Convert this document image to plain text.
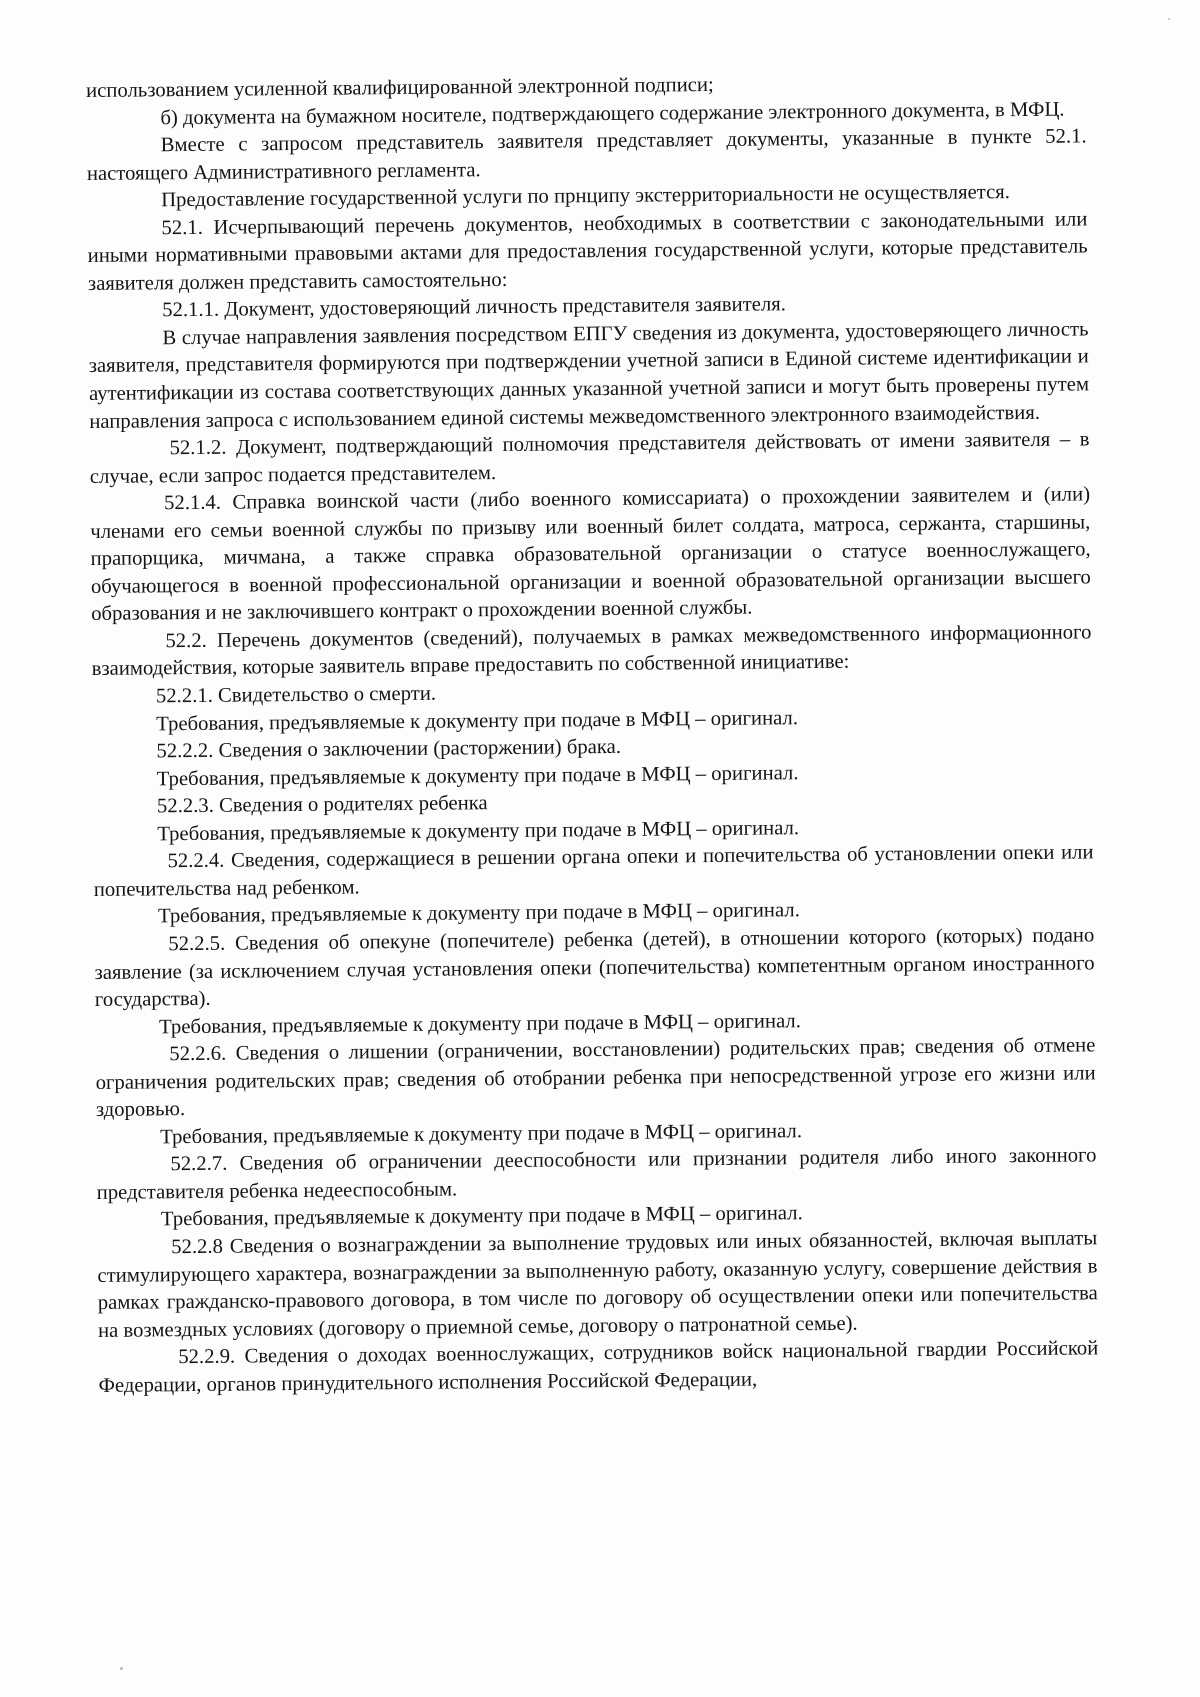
использованием усиленной квалифицированной электронной подписи;

б) документа на бумажном носителе, подтверждающего содержание электронного документа, в МФЦ.

Вместе с запросом представитель заявителя представляет документы, указанные в пункте 52.1. настоящего Административного регламента.

Предоставление государственной услуги по прнципу экстерриториальности не осуществляется.

52.1. Исчерпывающий перечень документов, необходимых в соответствии с законодательными или иными нормативными правовыми актами для предоставления государственной услуги, которые представитель заявителя должен представить самостоятельно:

52.1.1. Документ, удостоверяющий личность представителя заявителя.

В случае направления заявления посредством ЕПГУ сведения из документа, удостоверяющего личность заявителя, представителя формируются при подтверждении учетной записи в Единой системе идентификации и аутентификации из состава соответствующих данных указанной учетной записи и могут быть проверены путем направления запроса с использованием единой системы межведомственного электронного взаимодействия.

52.1.2. Документ, подтверждающий полномочия представителя действовать от имени заявителя – в случае, если запрос подается представителем.

52.1.4. Справка воинской части (либо военного комиссариата) о прохождении заявителем и (или) членами его семьи военной службы по призыву или военный билет солдата, матроса, сержанта, старшины, прапорщика, мичмана, а также справка образовательной организации о статусе военнослужащего, обучающегося в военной профессиональной организации и военной образовательной организации высшего образования и не заключившего контракт о прохождении военной службы.

52.2. Перечень документов (сведений), получаемых в рамках межведомственного информационного взаимодействия, которые заявитель вправе предоставить по собственной инициативе:

52.2.1. Свидетельство о смерти.

Требования, предъявляемые к документу при подаче в МФЦ – оригинал.

52.2.2. Сведения о заключении (расторжении) брака.

Требования, предъявляемые к документу при подаче в МФЦ – оригинал.

52.2.3. Сведения о родителях ребенка

Требования, предъявляемые к документу при подаче в МФЦ – оригинал.

52.2.4. Сведения, содержащиеся в решении органа опеки и попечительства об установлении опеки или попечительства над ребенком.

Требования, предъявляемые к документу при подаче в МФЦ – оригинал.

52.2.5. Сведения об опекуне (попечителе) ребенка (детей), в отношении которого (которых) подано заявление (за исключением случая установления опеки (попечительства) компетентным органом иностранного государства).

Требования, предъявляемые к документу при подаче в МФЦ – оригинал.

52.2.6. Сведения о лишении (ограничении, восстановлении) родительских прав; сведения об отмене ограничения родительских прав; сведения об отобрании ребенка при непосредственной угрозе его жизни или здоровью.

Требования, предъявляемые к документу при подаче в МФЦ – оригинал.

52.2.7. Сведения об ограничении дееспособности или признании родителя либо иного законного представителя ребенка недееспособным.

Требования, предъявляемые к документу при подаче в МФЦ – оригинал.

52.2.8 Сведения о вознаграждении за выполнение трудовых или иных обязанностей, включая выплаты стимулирующего характера, вознаграждении за выполненную работу, оказанную услугу, совершение действия в рамках гражданско-правового договора, в том числе по договору об осуществлении опеки или попечительства на возмездных условиях (договору о приемной семье, договору о патронатной семье).

52.2.9. Сведения о доходах военнослужащих, сотрудников войск национальной гвардии Российской Федерации, органов принудительного исполнения Российской Федерации,
